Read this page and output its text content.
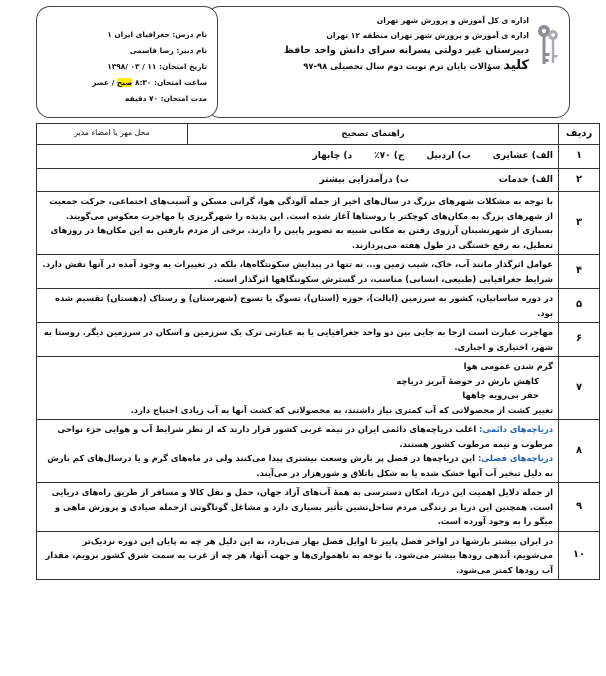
اداره ی کل آموزش و پرورش شهر تهران
اداره ی آموزش و پرورش شهر تهران منطقه ۱۲ تهران
دبیرستان غیر دولتی پسرانه سرای دانش واحد حافظ
کلیدسؤالات پایان ترم نوبت دوم سال تحصیلی ۹۸-۹۷
نام درس: جغرافیای ایران ۱
نام دبیر: رضا قاسمی
تاریخ امتحان: ۱۱ / ۰۳ /۱۳۹۸
ساعت امتحان: ۸:۳۰ صبح / عصر
مدت امتحان: ۷۰ دقیقه
ردیف	راهنمای تصحیح	محل مهر یا امضاء مدیر
۱	الف) عشایریب) اردبیلج) ۷۰٪د) چابهار	
۲	الف) خدماتب) درآمدزایی بیشتر	
۳	با توجه به مشکلات شهرهای بزرگ در سال‌های اخیر از جمله آلودگی هوا، گرانی مسکن و آسیب‌های اجتماعی، حرکت جمعیت از شهرهای بزرگ به مکان‌های کوچکتر یا روستاها آغاز شده است. این پدیده را شهرگریزی یا مهاجرت معکوس می‌گویند. بسیاری از شهرنشینان آرزوی رفتن به مکانی شبیه به تصویر پایین را دارند. برخی از مردم بارفتن به این مکان‌ها در روزهای تعطیل، به رفع خستگی در طول هفته می‌پردازند.	
۴	عوامل اثرگذار مانند آب، خاک، شیب زمین و... نه تنها در پیدایش سکونتگاه‌ها، بلکه در تغییرات به وجود آمده در آنها نقش دارد. شرایط جغرافیایی (طبیعی، انسانی) مناسب، در گسترش سکونتگاهها اثرگذار است.	
۵	در دوره ساسانیان، کشور به سرزمین (ایالت)، حوزه (استان)، تسوگ یا تسوج (شهرستان) و رستاک (دهستان) تقسیم شده بود.	
۶	مهاجرت عبارت است ازجا به جایی بین دو واحد جغرافیایی یا به عبارتی ترک یک سرزمین و اسکان در سرزمین دیگر. روستا به شهر، اختیاری و اجباری.	
۷	گرم شدن عمومی هوا
کاهش بارش در حوضهٔ آبریز دریاچه
حفر بی‌رویه چاهها
تغییر کشت از محصولاتی که آب کمتری نیاز داشتند، به محصولاتی که کشت آنها به آب زیادی احتیاج دارد.	

۸	دریاچه‌های دائمی: اغلب دریاچه‌های دائمی ایران در نیمه غربی کشور قرار دارند که از نظر شرایط آب و هوایی جزء نواحی مرطوب و نیمه مرطوب کشور هستند.
دریاچه‌های فصلی: این دریاچه‌ها در فصل پر بارش وسعت بیشتری پیدا می‌کنند ولی در ماه‌های گرم و یا درسال‌های کم بارش به دلیل تبخیر آب آنها خشک شده یا به شکل باتلاق و شورهزار در می‌آیند.	
۹	از جمله دلایل اهمیت این دریا، امکان دسترسی به همهٔ آب‌های آزاد جهان، حمل و نقل کالا و مسافر از طریق راه‌های دریایی است. همچنین این دریا بر زندگی مردم ساحل‌نشین تأثیر بسیاری دارد و مشاغل گوناگونی ازجمله صیادی و پرورش ماهی و میگو را به وجود آورده است.	
۱۰	در ایران بیشتر بارشها در اواخر فصل پاییز تا اوایل فصل بهار می‌بارد، به این دلیل هر چه به پایان این دوره نزدیک‌تر می‌شویم، آبدهی رودها بیشتر می‌شود. با توجه به ناهمواری‌ها و جهت آنها، هر چه از غرب به سمت شرق کشور برویم، مقدار آب رودها کمتر می‌شود.	
